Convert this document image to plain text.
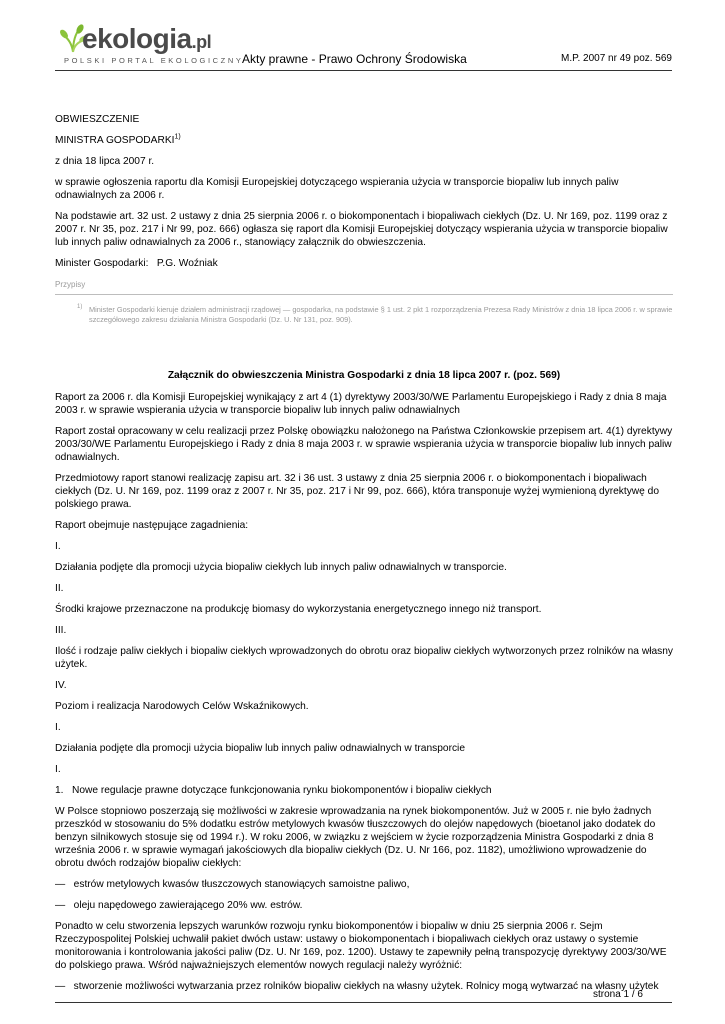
ekologia.pl
POLSKI PORTAL EKOLOGICZNY
Akty prawne - Prawo Ochrony Środowiska	M.P. 2007 nr 49 poz. 569

OBWIESZCZENIE

MINISTRA GOSPODARKI$^{1)}$

z dnia 18 lipca 2007 r.

w sprawie ogłoszenia raportu dla Komisji Europejskiej dotyczącego wspierania użycia w transporcie biopaliw lub innych paliw odnawialnych za 2006 r.

Na podstawie art. 32 ust. 2 ustawy z dnia 25 sierpnia 2006 r. o biokomponentach i biopaliwach ciekłych (Dz. U. Nr 169, poz. 1199 oraz z 2007 r. Nr 35, poz. 217 i Nr 99, poz. 666) ogłasza się raport dla Komisji Europejskiej dotyczący wspierania użycia w transporcie biopaliw lub innych paliw odnawialnych za 2006 r., stanowiący załącznik do obwieszczenia.

Minister Gospodarki:   P.G. Woźniak

Przypisy
1) Minister Gospodarki kieruje działem administracji rządowej — gospodarka, na podstawie § 1 ust. 2 pkt 1 rozporządzenia Prezesa Rady Ministrów z dnia 18 lipca 2006 r. w sprawie szczegółowego zakresu działania Ministra Gospodarki (Dz. U. Nr 131, poz. 909).

Załącznik do obwieszczenia Ministra Gospodarki z dnia 18 lipca 2007 r. (poz. 569)

Raport za 2006 r. dla Komisji Europejskiej wynikający z art 4 (1) dyrektywy 2003/30/WE Parlamentu Europejskiego i Rady z dnia 8 maja 2003 r. w sprawie wspierania użycia w transporcie biopaliw lub innych paliw odnawialnych

Raport został opracowany w celu realizacji przez Polskę obowiązku nałożonego na Państwa Członkowskie przepisem art. 4(1) dyrektywy 2003/30/WE Parlamentu Europejskiego i Rady z dnia 8 maja 2003 r. w sprawie wspierania użycia w transporcie biopaliw lub innych paliw odnawialnych.

Przedmiotowy raport stanowi realizację zapisu art. 32 i 36 ust. 3 ustawy z dnia 25 sierpnia 2006 r. o biokomponentach i biopaliwach ciekłych (Dz. U. Nr 169, poz. 1199 oraz z 2007 r. Nr 35, poz. 217 i Nr 99, poz. 666), która transponuje wyżej wymienioną dyrektywę do polskiego prawa.

Raport obejmuje następujące zagadnienia:

I.

Działania podjęte dla promocji użycia biopaliw ciekłych lub innych paliw odnawialnych w transporcie.

II.

Środki krajowe przeznaczone na produkcję biomasy do wykorzystania energetycznego innego niż transport.

III.

Ilość i rodzaje paliw ciekłych i biopaliw ciekłych wprowadzonych do obrotu oraz biopaliw ciekłych wytworzonych przez rolników na własny użytek.

IV.

Poziom i realizacja Narodowych Celów Wskaźnikowych.

I.

Działania podjęte dla promocji użycia biopaliw lub innych paliw odnawialnych w transporcie

I.

1.   Nowe regulacje prawne dotyczące funkcjonowania rynku biokomponentów i biopaliw ciekłych

W Polsce stopniowo poszerzają się możliwości w zakresie wprowadzania na rynek biokomponentów. Już w 2005 r. nie było żadnych przeszkód w stosowaniu do 5% dodatku estrów metylowych kwasów tłuszczowych do olejów napędowych (bioetanol jako dodatek do benzyn silnikowych stosuje się od 1994 r.). W roku 2006, w związku z wejściem w życie rozporządzenia Ministra Gospodarki z dnia 8 września 2006 r. w sprawie wymagań jakościowych dla biopaliw ciekłych (Dz. U. Nr 166, poz. 1182), umożliwiono wprowadzenie do obrotu dwóch rodzajów biopaliw ciekłych:

—   estrów metylowych kwasów tłuszczowych stanowiących samoistne paliwo,

—   oleju napędowego zawierającego 20% ww. estrów.

Ponadto w celu stworzenia lepszych warunków rozwoju rynku biokomponentów i biopaliw w dniu 25 sierpnia 2006 r. Sejm Rzeczypospolitej Polskiej uchwalił pakiet dwóch ustaw: ustawy o biokomponentach i biopaliwach ciekłych oraz ustawy o systemie monitorowania i kontrolowania jakości paliw (Dz. U. Nr 169, poz. 1200). Ustawy te zapewniły pełną transpozycję dyrektywy 2003/30/WE do polskiego prawa. Wśród najważniejszych elementów nowych regulacji należy wyróżnić:

—   stworzenie możliwości wytwarzania przez rolników biopaliw ciekłych na własny użytek. Rolnicy mogą wytwarzać na własny użytek

strona 1 / 6
